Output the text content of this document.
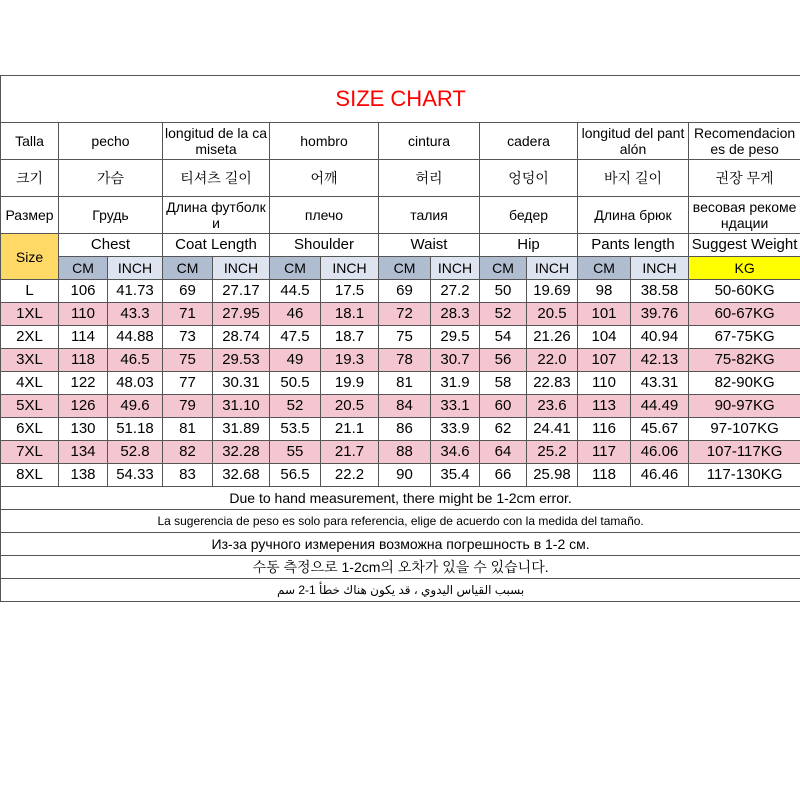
SIZE CHART													
Talla	pecho		longitud de la camiseta		hombro		cintura		cadera		longitud del pantalón		Recomendaciones de peso
크기	가슴		티셔츠 길이		어깨		허리		엉덩이		바지 길이		권장 무게
Размер	Грудь		Длина футболки		плечо		талия		бедер		Длина брюк		весовая рекомендации
Size	Chest		Coat Length		Shoulder		Waist		Hip		Pants length		Suggest Weight
	CM	INCH	CM	INCH	CM	INCH	CM	INCH	CM	INCH	CM	INCH	KG
L	106	41.73	69	27.17	44.5	17.5	69	27.2	50	19.69	98	38.58	50-60KG
1XL	110	43.3	71	27.95	46	18.1	72	28.3	52	20.5	101	39.76	60-67KG
2XL	114	44.88	73	28.74	47.5	18.7	75	29.5	54	21.26	104	40.94	67-75KG
3XL	118	46.5	75	29.53	49	19.3	78	30.7	56	22.0	107	42.13	75-82KG
4XL	122	48.03	77	30.31	50.5	19.9	81	31.9	58	22.83	110	43.31	82-90KG
5XL	126	49.6	79	31.10	52	20.5	84	33.1	60	23.6	113	44.49	90-97KG
6XL	130	51.18	81	31.89	53.5	21.1	86	33.9	62	24.41	116	45.67	97-107KG
7XL	134	52.8	82	32.28	55	21.7	88	34.6	64	25.2	117	46.06	107-117KG
8XL	138	54.33	83	32.68	56.5	22.2	90	35.4	66	25.98	118	46.46	117-130KG
Due to hand measurement, there might be 1-2cm error.													
La sugerencia de peso es solo para referencia, elige de acuerdo con la medida del tamaño.													
Из-за ручного измерения возможна погрешность в 1-2 см.													
수동 측정으로 1-2cm의 오차가 있을 수 있습니다.													
بسبب القياس اليدوي ، قد يكون هناك خطأ 1-2 سم													
